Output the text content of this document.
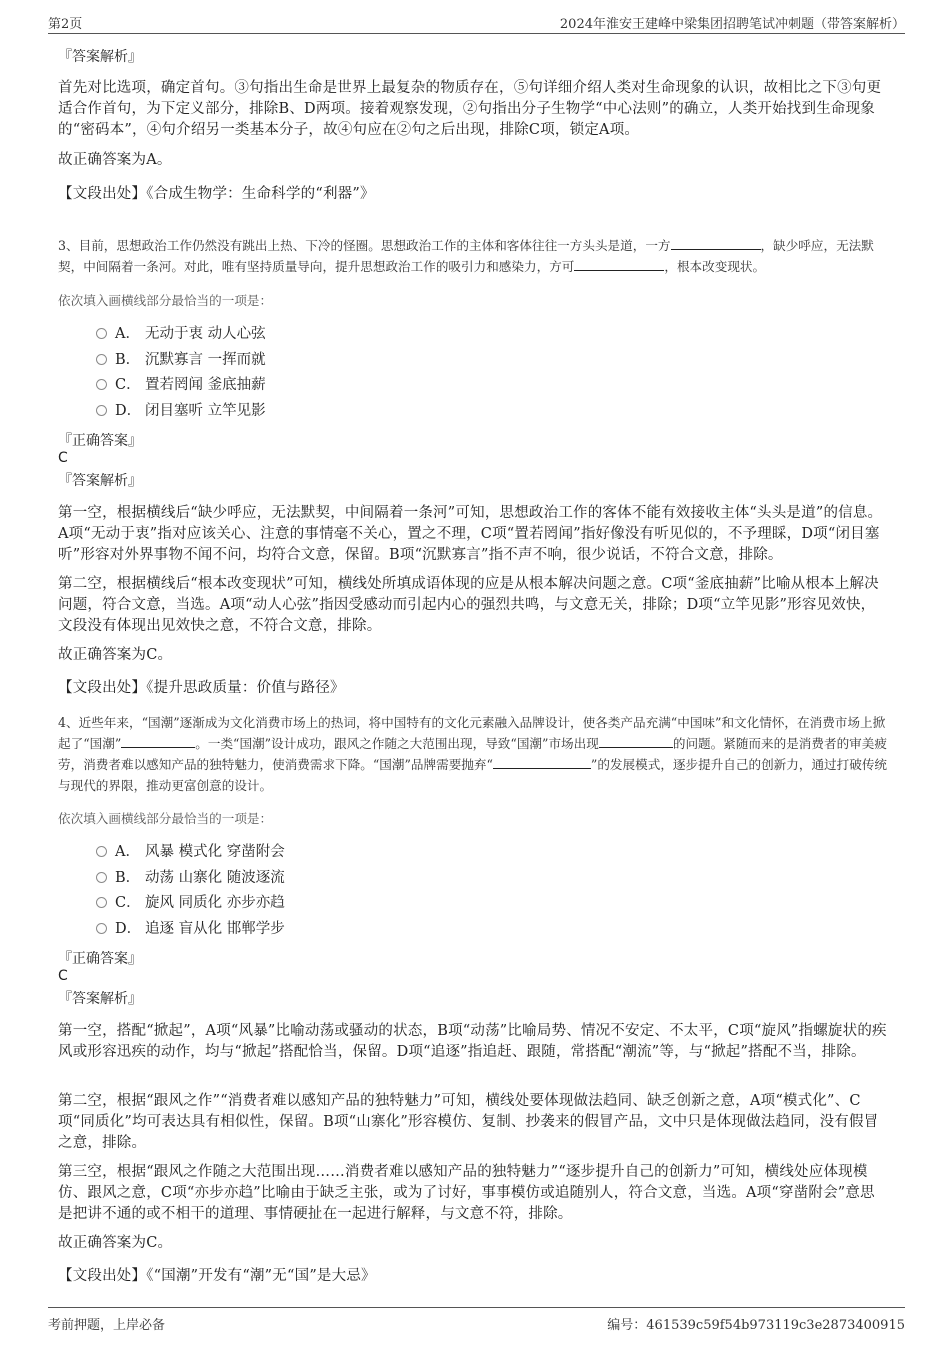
第2页	2024年淮安王建峰中梁集团招聘笔试冲刺题（带答案解析）
『答案解析』
首先对比选项，确定首句。③句指出生命是世界上最复杂的物质存在，⑤句详细介绍人类对生命现象的认识，故相比之下③句更适合作首句，为下定义部分，排除B、D两项。接着观察发现，②句指出分子生物学“中心法则”的确立，人类开始找到生命现象的“密码本”，④句介绍另一类基本分子，故④句应在②句之后出现，排除C项，锁定A项。
故正确答案为A。
【文段出处】《合成生物学：生命科学的“利器”》
3、目前，思想政治工作仍然没有跳出上热、下冷的怪圈。思想政治工作的主体和客体往往一方头头是道，一方	，缺少呼应，无法默契，中间隔着一条河。对此，唯有坚持质量导向，提升思想政治工作的吸引力和感染力，方可	，根本改变现状。
依次填入画横线部分最恰当的一项是：
A． 无动于衷 动人心弦
B． 沉默寡言 一挥而就
C． 置若罔闻 釜底抽薪
D． 闭目塞听 立竿见影
『正确答案』
C
『答案解析』
第一空，根据横线后“缺少呼应，无法默契，中间隔着一条河”可知，思想政治工作的客体不能有效接收主体“头头是道”的信息。A项“无动于衷”指对应该关心、注意的事情毫不关心，置之不理，C项“置若罔闻”指好像没有听见似的，不予理睬，D项“闭目塞听”形容对外界事物不闻不问，均符合文意，保留。B项“沉默寡言”指不声不响，很少说话，不符合文意，排除。
第二空，根据横线后“根本改变现状”可知，横线处所填成语体现的应是从根本解决问题之意。C项“釜底抽薪”比喻从根本上解决问题，符合文意，当选。A项“动人心弦”指因受感动而引起内心的强烈共鸣，与文意无关，排除；D项“立竿见影”形容见效快，文段没有体现出见效快之意，不符合文意，排除。
故正确答案为C。
【文段出处】《提升思政质量：价值与路径》
4、近些年来，“国潮”逐渐成为文化消费市场上的热词，将中国特有的文化元素融入品牌设计，使各类产品充满“中国味”和文化情怀，在消费市场上掀起了“国潮”	。一类“国潮”设计成功，跟风之作随之大范围出现，导致“国潮”市场出现	的问题。紧随而来的是消费者的审美疲劳，消费者难以感知产品的独特魅力，使消费需求下降。“国潮”品牌需要抛弃“	”的发展模式，逐步提升自己的创新力，通过打破传统与现代的界限，推动更富创意的设计。
依次填入画横线部分最恰当的一项是：
A． 风暴 模式化 穿凿附会
B． 动荡 山寨化 随波逐流
C． 旋风 同质化 亦步亦趋
D． 追逐 盲从化 邯郸学步
『正确答案』
C
『答案解析』
第一空，搭配“掀起”，A项“风暴”比喻动荡或骚动的状态，B项“动荡”比喻局势、情况不安定、不太平，C项“旋风”指螺旋状的疾风或形容迅疾的动作，均与“掀起”搭配恰当，保留。D项“追逐”指追赶、跟随，常搭配“潮流”等，与“掀起”搭配不当，排除。
第二空，根据“跟风之作”“消费者难以感知产品的独特魅力”可知，横线处要体现做法趋同、缺乏创新之意，A项“模式化”、C项“同质化”均可表达具有相似性，保留。B项“山寨化”形容模仿、复制、抄袭来的假冒产品，文中只是体现做法趋同，没有假冒之意，排除。
第三空，根据“跟风之作随之大范围出现……消费者难以感知产品的独特魅力”“逐步提升自己的创新力”可知，横线处应体现模仿、跟风之意，C项“亦步亦趋”比喻由于缺乏主张，或为了讨好，事事模仿或追随别人，符合文意，当选。A项“穿凿附会”意思是把讲不通的或不相干的道理、事情硬扯在一起进行解释，与文意不符，排除。
故正确答案为C。
【文段出处】《“国潮”开发有“潮”无“国”是大忌》
考前押题，上岸必备	编号：461539c59f54b973119c3e2873400915
